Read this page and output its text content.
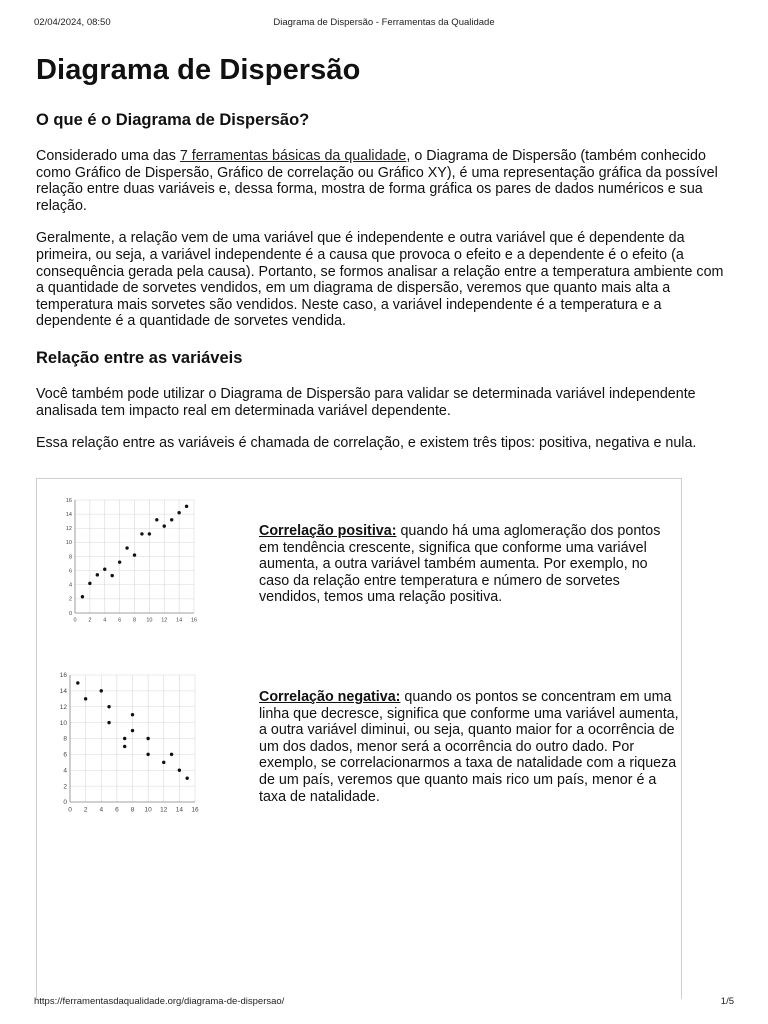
02/04/2024, 08:50	Diagrama de Dispersão - Ferramentas da Qualidade
Diagrama de Dispersão
O que é o Diagrama de Dispersão?

Considerado uma das 7 ferramentas básicas da qualidade, o Diagrama de Dispersão (também conhecido como Gráfico de Dispersão, Gráfico de correlação ou Gráfico XY), é uma representação gráfica da possível relação entre duas variáveis e, dessa forma, mostra de forma gráfica os pares de dados numéricos e sua relação.

Geralmente, a relação vem de uma variável que é independente e outra variável que é dependente da primeira, ou seja, a variável independente é a causa que provoca o efeito e a dependente é o efeito (a consequência gerada pela causa). Portanto, se formos analisar a relação entre a temperatura ambiente com a quantidade de sorvetes vendidos, em um diagrama de dispersão, veremos que quanto mais alta a temperatura mais sorvetes são vendidos. Neste caso, a variável independente é a temperatura e a dependente é a quantidade de sorvetes vendida.

Relação entre as variáveis

Você também pode utilizar o Diagrama de Dispersão para validar se determinada variável independente analisada tem impacto real em determinada variável dependente.

Essa relação entre as variáveis é chamada de correlação, e existem três tipos: positiva, negativa e nula.

0 2 4 6 8 10 12 14 16
0
2
4
6
8
10
12
14
16
Correlação positiva: quando há uma aglomeração dos pontos em tendência crescente, significa que conforme uma variável aumenta, a outra variável também aumenta. Por exemplo, no caso da relação entre temperatura e número de sorvetes vendidos, temos uma relação positiva.
0 2 4 6 8 10 12 14 16
0
2
4
6
8
10
12
14
16
Correlação negativa: quando os pontos se concentram em uma linha que decresce, significa que conforme uma variável aumenta, a outra variável diminui, ou seja, quanto maior for a ocorrência de um dos dados, menor será a ocorrência do outro dado. Por exemplo, se correlacionarmos a taxa de natalidade com a riqueza de um país, veremos que quanto mais rico um país, menor é a taxa de natalidade.
https://ferramentasdaqualidade.org/diagrama-de-dispersao/	1/5
